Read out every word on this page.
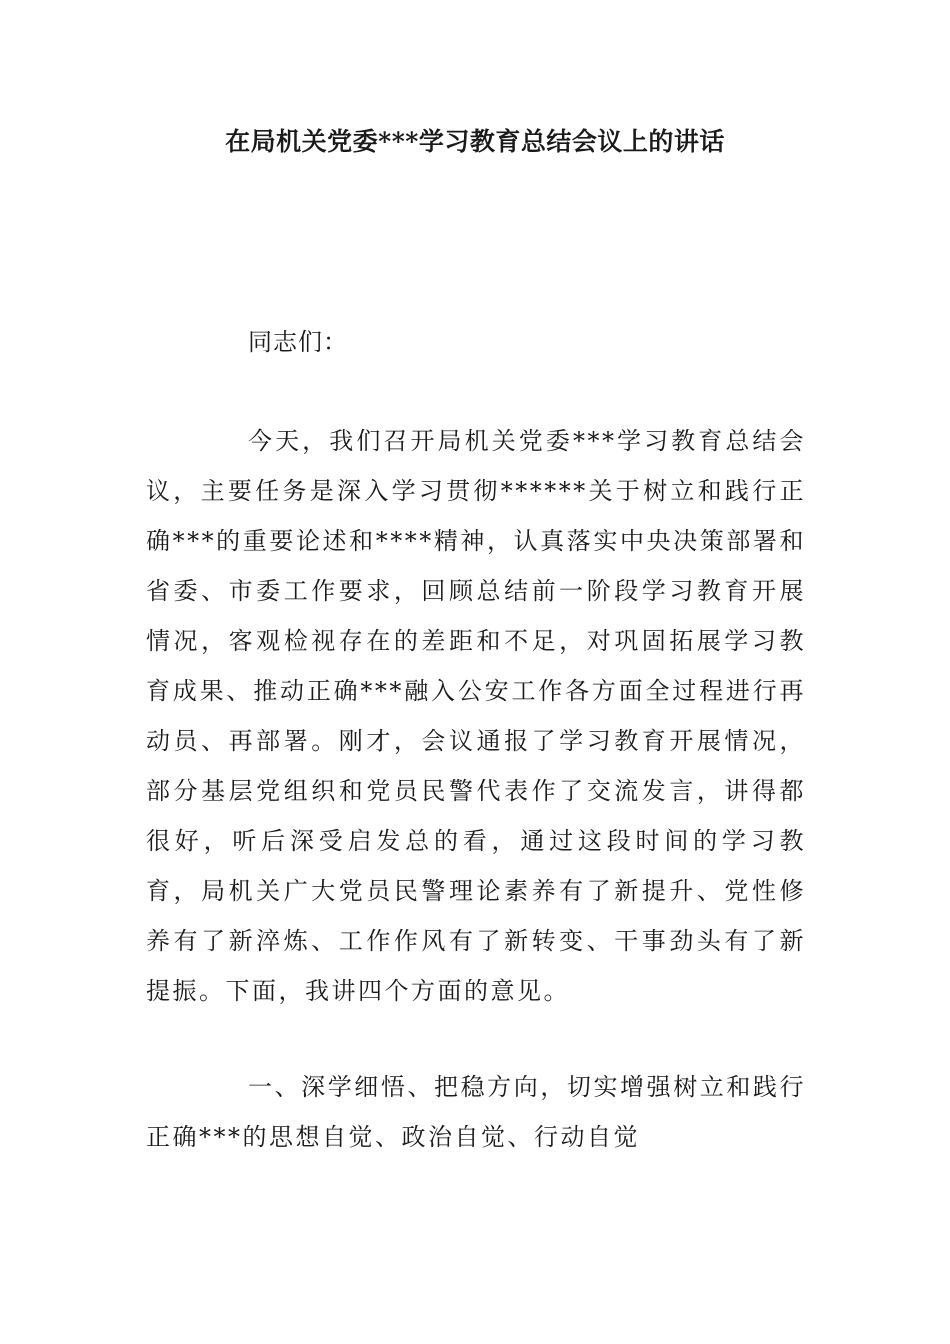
在局机关党委***学习教育总结会议上的讲话

同志们：

今天，我们召开局机关党委***学习教育总结会议，主要任务是深入学习贯彻******关于树立和践行正确***的重要论述和****精神，认真落实中央决策部署和省委、市委工作要求，回顾总结前一阶段学习教育开展情况，客观检视存在的差距和不足，对巩固拓展学习教育成果、推动正确***融入公安工作各方面全过程进行再动员、再部署。刚才，会议通报了学习教育开展情况，部分基层党组织和党员民警代表作了交流发言，讲得都很好，听后深受启发总的看，通过这段时间的学习教育，局机关广大党员民警理论素养有了新提升、党性修养有了新淬炼、工作作风有了新转变、干事劲头有了新提振。下面，我讲四个方面的意见。

一、深学细悟、把稳方向，切实增强树立和践行正确***的思想自觉、政治自觉、行动自觉
